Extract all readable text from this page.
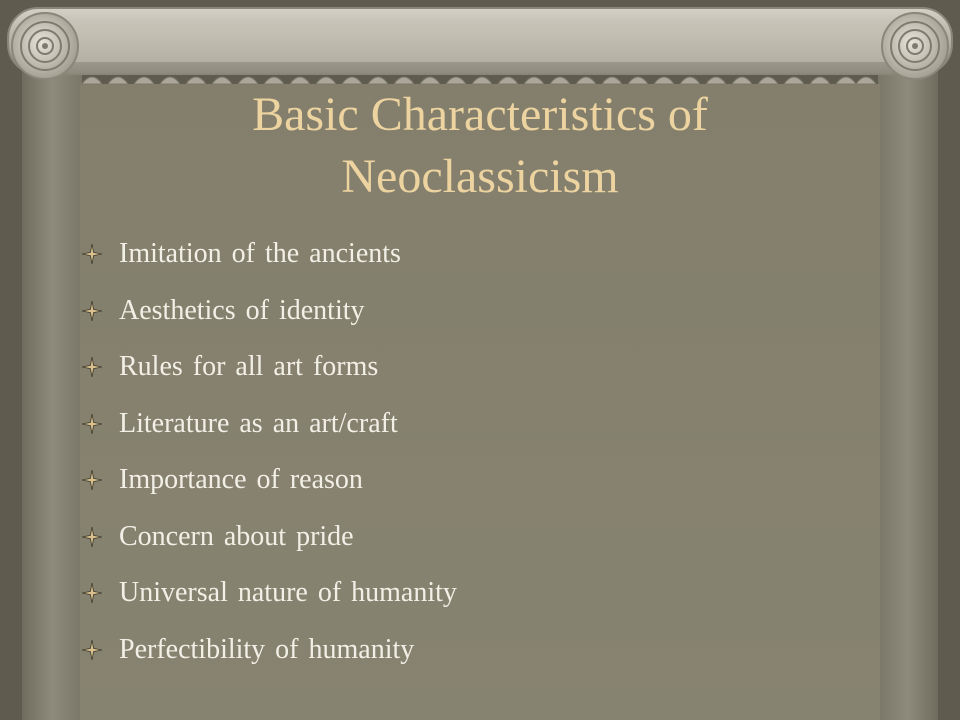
Basic Characteristics of
Neoclassicism
Imitation of the ancients
Aesthetics of identity
Rules for all art forms
Literature as an art/craft
Importance of reason
Concern about pride
Universal nature of humanity
Perfectibility of humanity
